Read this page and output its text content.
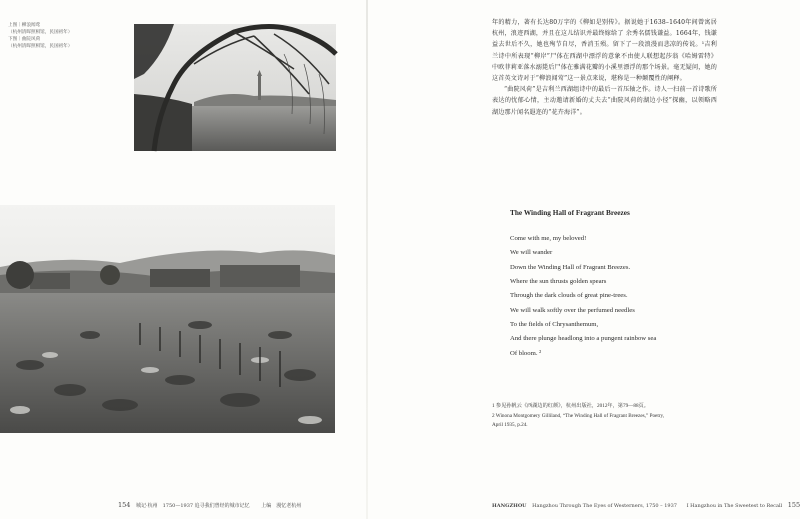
上图｜柳浪闻莺
（杭州清晖照相馆，民国初年）
下图｜曲院风荷
（杭州清晖照相馆，民国初年）
154 城记·杭州　1750—1937 追寻我们曾经的城市记忆 上编　漫忆老杭州

年的精力，著有长达80万字的《柳如是别传》。据说她于1638–1640年间曾寓居杭州，浪迹西湖，并且在这儿结识并最终嫁给了 余秀名儒钱谦益。1664年，钱谦益去世后不久，她也殉节自尽，香消玉殒。留下了一段浪漫而悲凉的传说。¹吉利兰诗中所表现“柳岸”尸体在西湖中漂浮的意象不由使人联想起莎翁《哈姆雷特》中欧菲莉亚落水溺毙后尸体在雅满花瓣的小溪里漂浮的那个场景。毫无疑问，她的这首英文诗对于“柳浪闻莺”这一景点来说，堪称是一种颠覆性的阐释。

“曲院风荷”是吉利兰西湖组诗中的最后一首压轴之作。诗人一扫前一首诗歌所表达的忧郁心情，主动邀请新婚的丈夫去“曲院风荷的湖边小径”探幽，以领略西湖边那片闻名遐迩的“花卉海洋”。

The Winding Hall of Fragrant Breezes
Come with me, my beloved!
We will wander
Down the Winding Hall of Fragrant Breezes.
Where the sun thrusts golden spears
Through the dark clouds of great pine-trees.
We will walk softly over the perfumed needles
To the fields of Chrysanthemum,
And there plunge headlong into a pungent rainbow sea
Of bloom. ²
1 参见孙帆云《西湖边的红颜》，杭州出版社，2012年，第79—88页。
2 Winona Montgomery Gilliland, “The Winding Hall of Fragrant Breezes,” Poetry,
April 1935, p.24.
HANGZHOU Hangzhou Through The Eyes of Westerners, 1750 – 1937 I Hangzhou in The Sweetest to Recall 155
